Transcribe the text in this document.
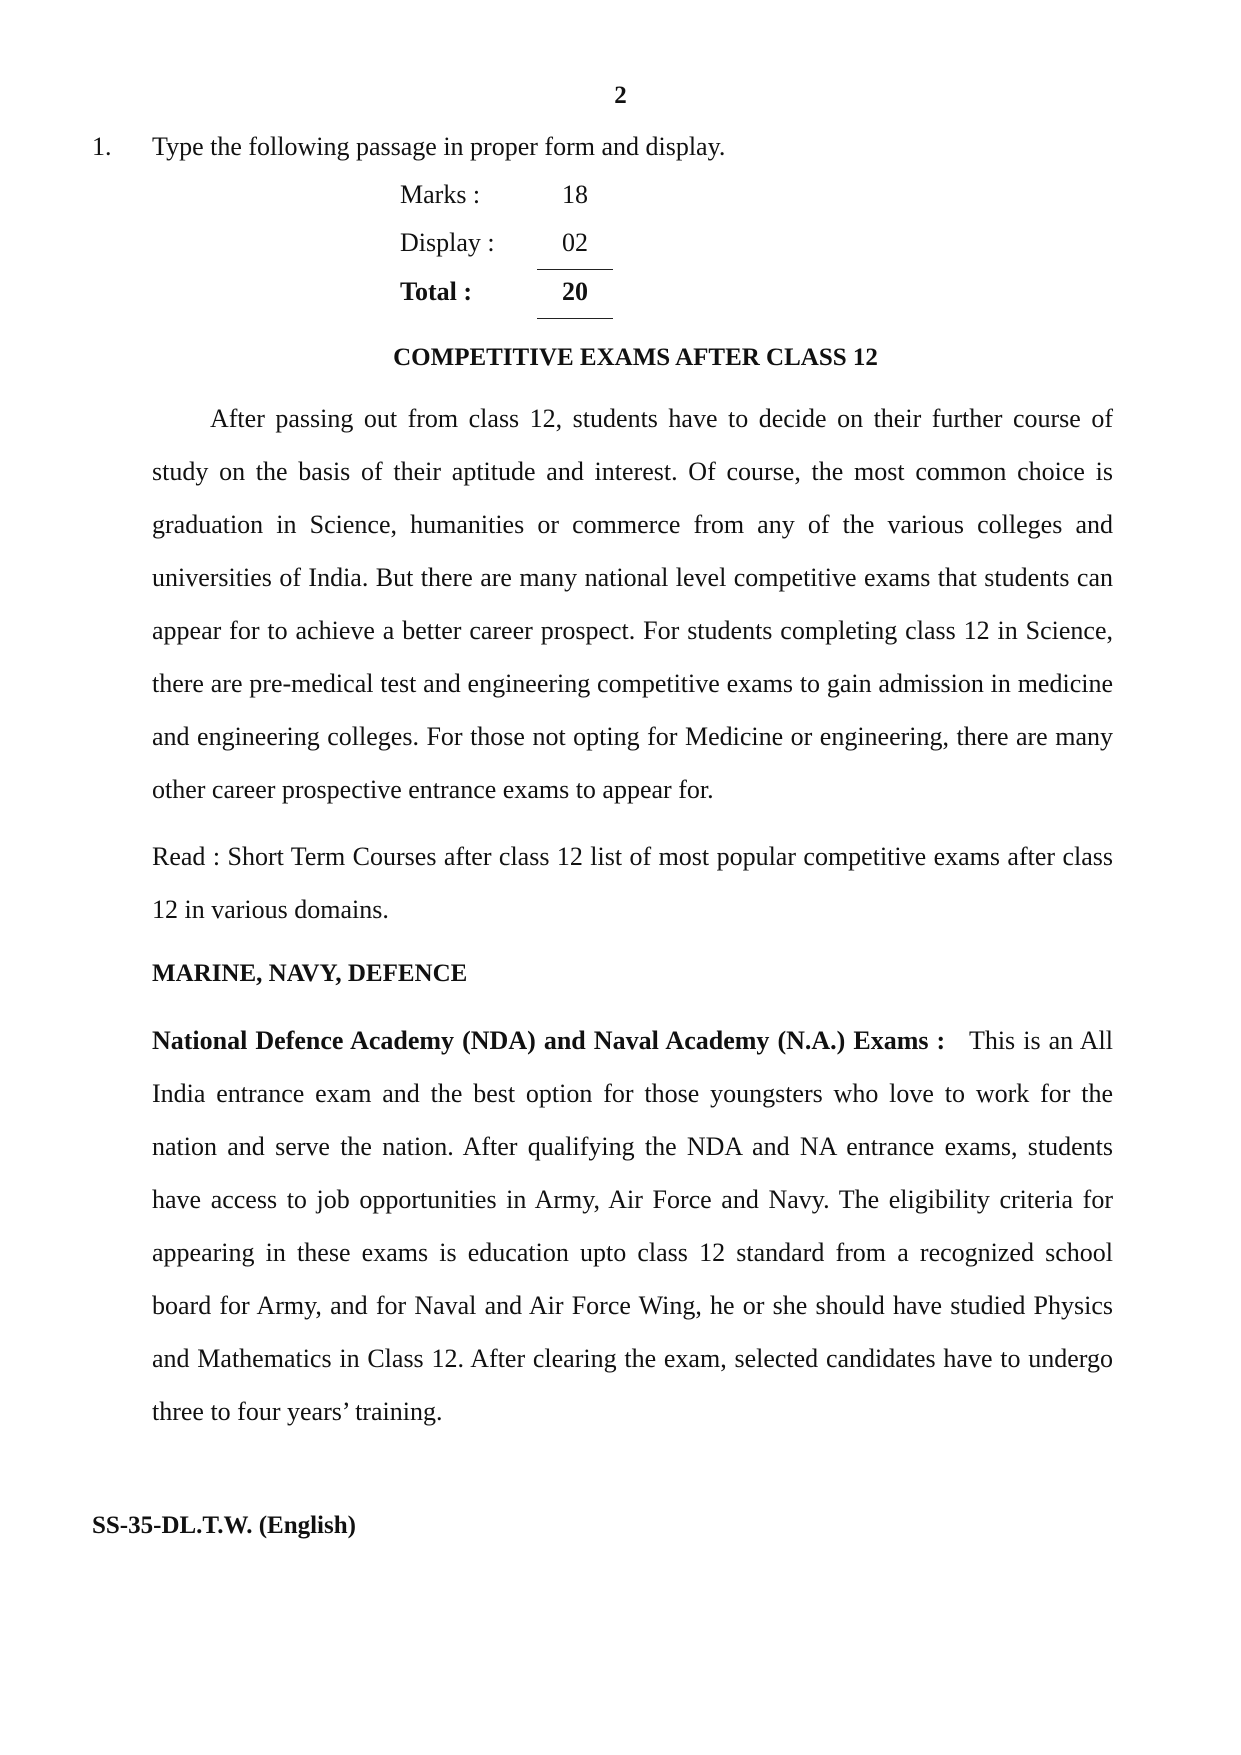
2
1. Type the following passage in proper form and display.
Marks :	18
Display :	02
Total :	20
COMPETITIVE EXAMS AFTER CLASS 12
After passing out from class 12, students have to decide on their further course of study on the basis of their aptitude and interest. Of course, the most common choice is graduation in Science, humanities or commerce from any of the various colleges and universities of India. But there are many national level competitive exams that students can appear for to achieve a better career prospect. For students completing class 12 in Science, there are pre-medical test and engineering competitive exams to gain admission in medicine and engineering colleges. For those not opting for Medicine or engineering, there are many other career prospective entrance exams to appear for.
Read : Short Term Courses after class 12 list of most popular competitive exams after class 12 in various domains.
MARINE, NAVY, DEFENCE
National Defence Academy (NDA) and Naval Academy (N.A.) Exams : This is an All India entrance exam and the best option for those youngsters who love to work for the nation and serve the nation. After qualifying the NDA and NA entrance exams, students have access to job opportunities in Army, Air Force and Navy. The eligibility criteria for appearing in these exams is education upto class 12 standard from a recognized school board for Army, and for Naval and Air Force Wing, he or she should have studied Physics and Mathematics in Class 12. After clearing the exam, selected candidates have to undergo three to four years’ training.
SS-35-DL.T.W. (English)
